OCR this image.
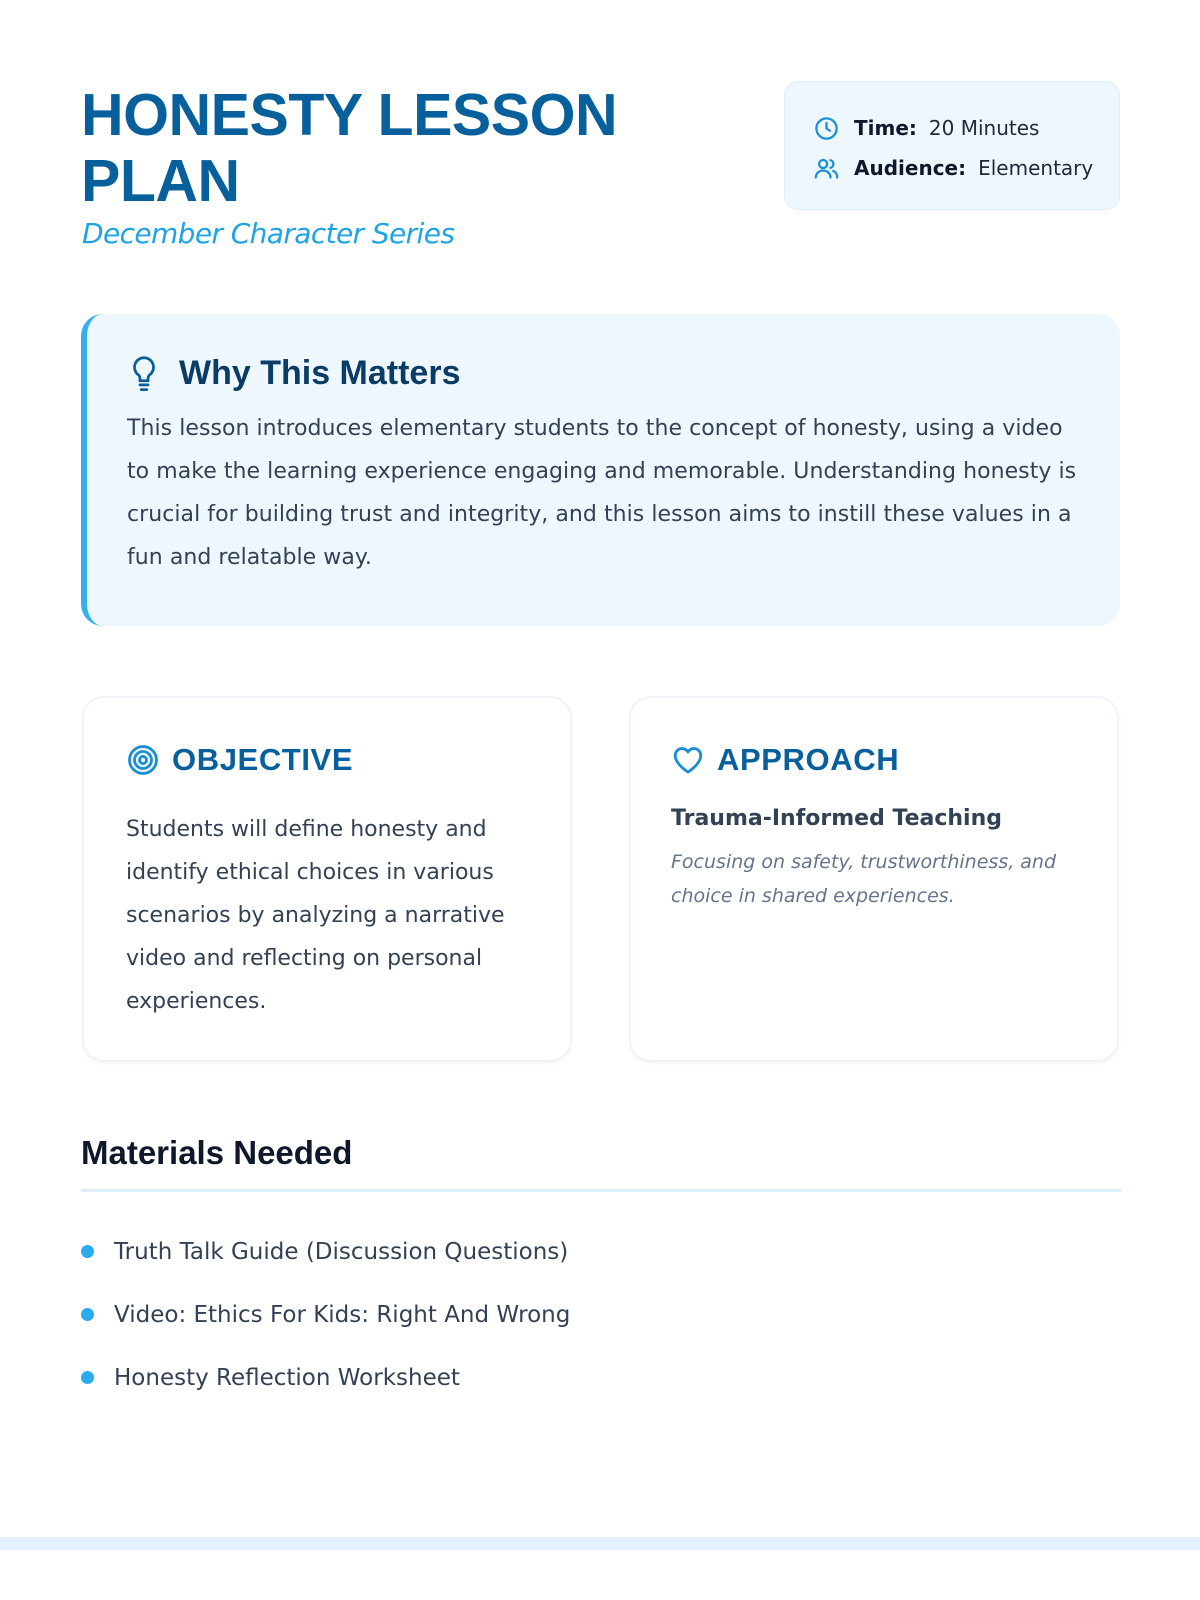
HONESTY LESSON PLAN
December Character Series
Time: 20 Minutes
Audience: Elementary
Why This Matters

This lesson introduces elementary students to the concept of honesty, using a video to make the learning experience engaging and memorable. Understanding honesty is crucial for building trust and integrity, and this lesson aims to instill these values in a fun and relatable way.

OBJECTIVE

Students will define honesty and identify ethical choices in various scenarios by analyzing a narrative video and reflecting on personal experiences.

APPROACH
Trauma-Informed Teaching

Focusing on safety, trustworthiness, and choice in shared experiences.

Materials Needed
Truth Talk Guide (Discussion Questions)
Video: Ethics For Kids: Right And Wrong
Honesty Reflection Worksheet
